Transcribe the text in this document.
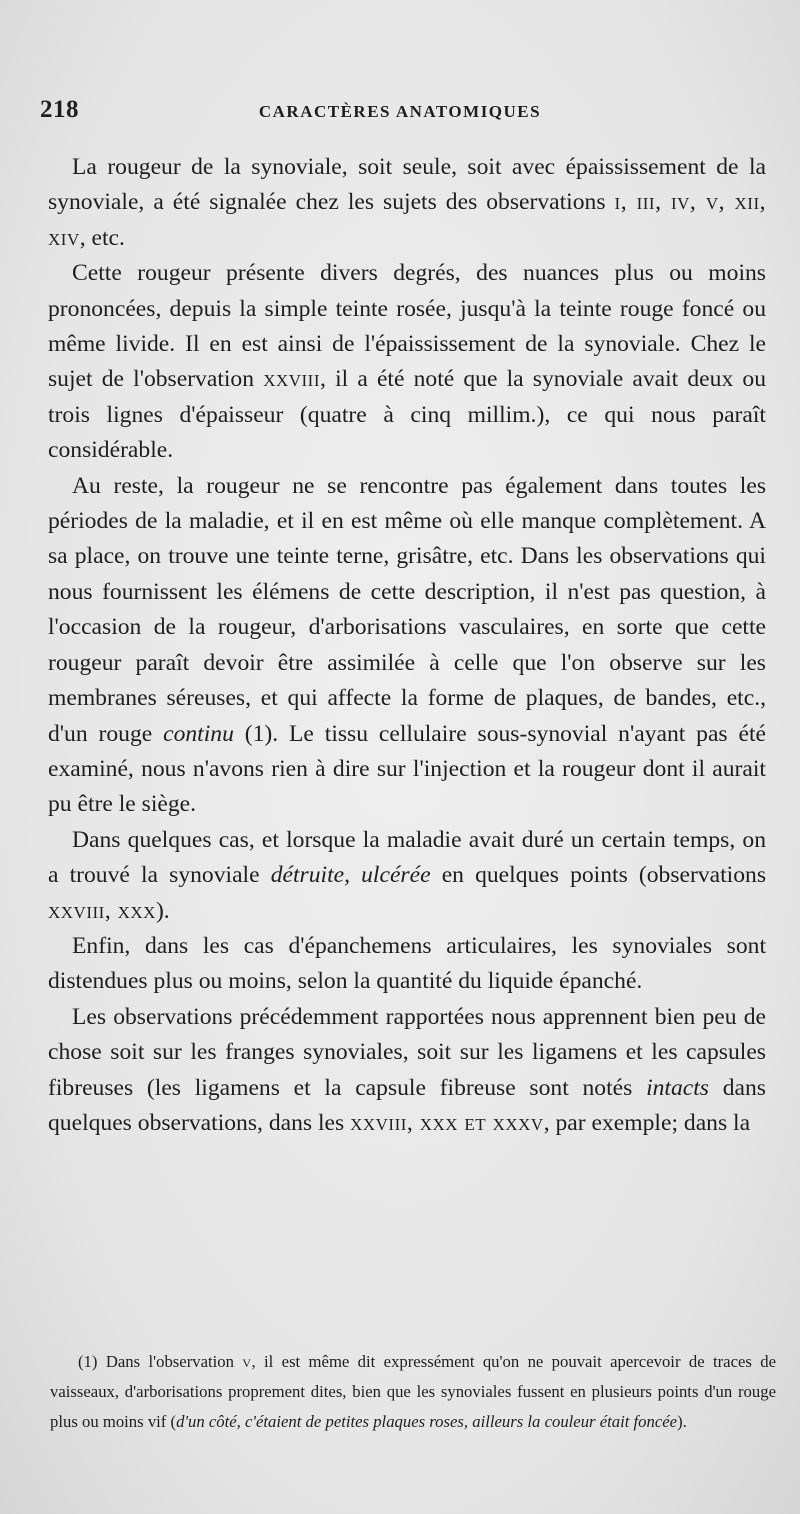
218	CARACTÈRES ANATOMIQUES

La rougeur de la synoviale, soit seule, soit avec épaississement de la synoviale, a été signalée chez les sujets des observations i, iii, iv, v, xii, xiv, etc.

Cette rougeur présente divers degrés, des nuances plus ou moins prononcées, depuis la simple teinte rosée, jusqu'à la teinte rouge foncé ou même livide. Il en est ainsi de l'épaississement de la synoviale. Chez le sujet de l'observation xxviii, il a été noté que la synoviale avait deux ou trois lignes d'épaisseur (quatre à cinq millim.), ce qui nous paraît considérable.

Au reste, la rougeur ne se rencontre pas également dans toutes les périodes de la maladie, et il en est même où elle manque complètement. A sa place, on trouve une teinte terne, grisâtre, etc. Dans les observations qui nous fournissent les élémens de cette description, il n'est pas question, à l'occasion de la rougeur, d'arborisations vasculaires, en sorte que cette rougeur paraît devoir être assimilée à celle que l'on observe sur les membranes séreuses, et qui affecte la forme de plaques, de bandes, etc., d'un rouge continu (1). Le tissu cellulaire sous-synovial n'ayant pas été examiné, nous n'avons rien à dire sur l'injection et la rougeur dont il aurait pu être le siège.

Dans quelques cas, et lorsque la maladie avait duré un certain temps, on a trouvé la synoviale détruite, ulcérée en quelques points (observations xxviii, xxx).

Enfin, dans les cas d'épanchemens articulaires, les synoviales sont distendues plus ou moins, selon la quantité du liquide épanché.

Les observations précédemment rapportées nous apprennent bien peu de chose soit sur les franges synoviales, soit sur les ligamens et les capsules fibreuses (les ligamens et la capsule fibreuse sont notés intacts dans quelques observations, dans les xxviii, xxx et xxxv, par exemple; dans la

(1) Dans l'observation v, il est même dit expressément qu'on ne pouvait apercevoir de traces de vaisseaux, d'arborisations proprement dites, bien que les synoviales fussent en plusieurs points d'un rouge plus ou moins vif (d'un côté, c'étaient de petites plaques roses, ailleurs la couleur était foncée).
